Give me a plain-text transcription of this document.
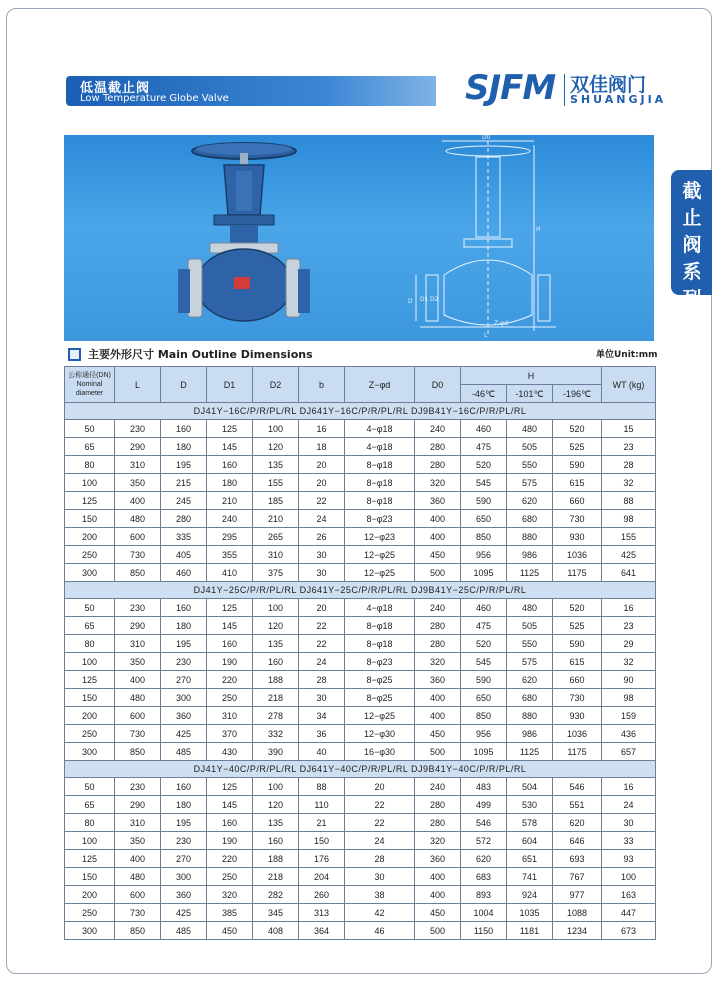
低温截止阀
Low Temperature Globe Valve	SJFM 双佳阀门
SHUANGJIA
截止阀系列
D0
H
D D1 D2
L
Z-φd
主要外形尺寸 Main Outline Dimensions	单位Unit:mm
公称通径(DN)
Nominal
diameter	L	D	D1	D2	b	Z−φd	D0	H			WT (kg)
								-46℃	-101℃	-196℃	
DJ41Y−16C/P/R/PL/RL DJ641Y−16C/P/R/PL/RL DJ9B41Y−16C/P/R/PL/RL											
50	230	160	125	100	16	4−φ18	240	460	480	520	15
65	290	180	145	120	18	4−φ18	280	475	505	525	23
80	310	195	160	135	20	8−φ18	280	520	550	590	28
100	350	215	180	155	20	8−φ18	320	545	575	615	32
125	400	245	210	185	22	8−φ18	360	590	620	660	88
150	480	280	240	210	24	8−φ23	400	650	680	730	98
200	600	335	295	265	26	12−φ23	400	850	880	930	155
250	730	405	355	310	30	12−φ25	450	956	986	1036	425
300	850	460	410	375	30	12−φ25	500	1095	1125	1175	641
DJ41Y−25C/P/R/PL/RL DJ641Y−25C/P/R/PL/RL DJ9B41Y−25C/P/R/PL/RL											
50	230	160	125	100	20	4−φ18	240	460	480	520	16
65	290	180	145	120	22	8−φ18	280	475	505	525	23
80	310	195	160	135	22	8−φ18	280	520	550	590	29
100	350	230	190	160	24	8−φ23	320	545	575	615	32
125	400	270	220	188	28	8−φ25	360	590	620	660	90
150	480	300	250	218	30	8−φ25	400	650	680	730	98
200	600	360	310	278	34	12−φ25	400	850	880	930	159
250	730	425	370	332	36	12−φ30	450	956	986	1036	436
300	850	485	430	390	40	16−φ30	500	1095	1125	1175	657
DJ41Y−40C/P/R/PL/RL DJ641Y−40C/P/R/PL/RL DJ9B41Y−40C/P/R/PL/RL											
50	230	160	125	100	88	20	240	483	504	546	16
65	290	180	145	120	110	22	280	499	530	551	24
80	310	195	160	135	21	22	280	546	578	620	30
100	350	230	190	160	150	24	320	572	604	646	33
125	400	270	220	188	176	28	360	620	651	693	93
150	480	300	250	218	204	30	400	683	741	767	100
200	600	360	320	282	260	38	400	893	924	977	163
250	730	425	385	345	313	42	450	1004	1035	1088	447
300	850	485	450	408	364	46	500	1150	1181	1234	673
